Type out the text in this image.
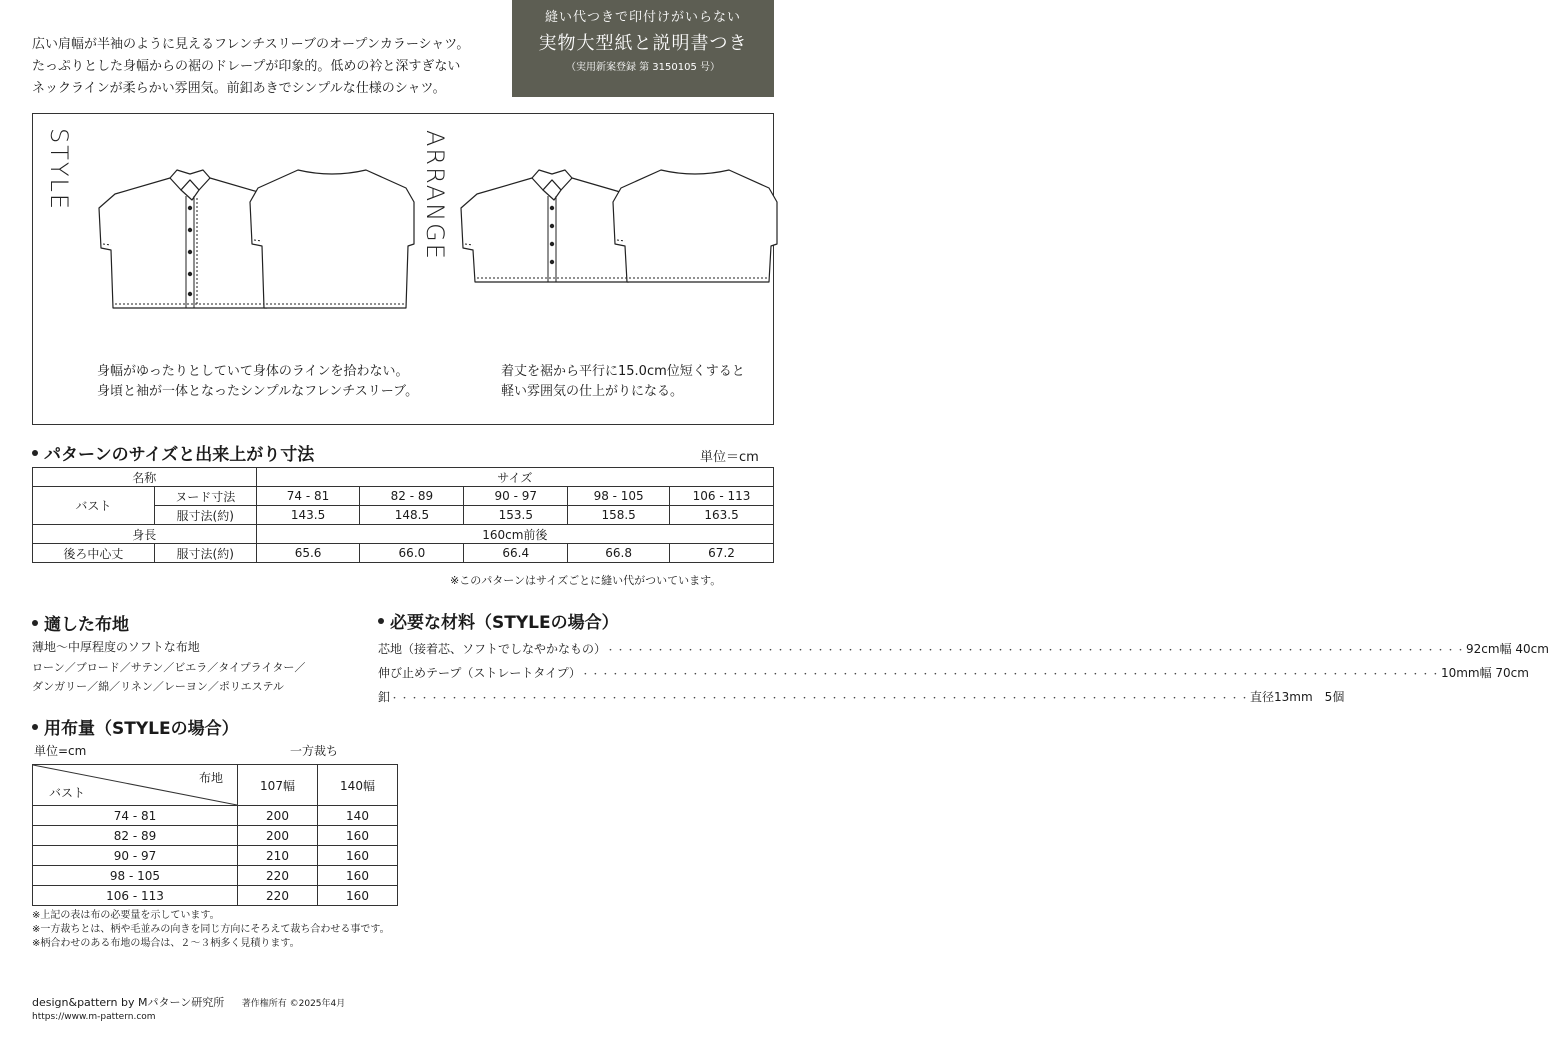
広い肩幅が半袖のように見えるフレンチスリーブのオープンカラーシャツ。
たっぷりとした身幅からの裾のドレープが印象的。低めの衿と深すぎない
ネックラインが柔らかい雰囲気。前釦あきでシンプルな仕様のシャツ。
縫い代つきで印付けがいらない
実物大型紙と説明書つき
（実用新案登録 第 3150105 号）
STYLE	ARRANGE
身幅がゆったりとしていて身体のラインを拾わない。
身頃と袖が一体となったシンプルなフレンチスリーブ。
着丈を裾から平行に15.0cm位短くすると
軽い雰囲気の仕上がりになる。
パターンのサイズと出来上がり寸法	単位＝cm
名称		サイズ				
バスト	ヌード寸法	74 - 81	82 - 89	90 - 97	98 - 105	106 - 113
	服寸法(約)	143.5	148.5	153.5	158.5	163.5
身長		160cm前後				
後ろ中心丈	服寸法(約)	65.6	66.0	66.4	66.8	67.2
※このパターンはサイズごとに縫い代がついています。
適した布地
薄地〜中厚程度のソフトな布地
ローン／ブロード／サテン／ビエラ／タイプライター／
ダンガリー／綿／リネン／レーヨン／ポリエステル
必要な材料（STYLEの場合）
芯地（接着芯、ソフトでしなやかなもの） ・・・・・・・・・・・・・・・・・・・・・・・・・・・・・・・・・・・・・・・・・・・・・・・・・・・・・・・・・・・・・・・・・・・・・・・・・・・・・・・・・・・・・・ 92cm幅 40cm
伸び止めテープ（ストレートタイプ） ・・・・・・・・・・・・・・・・・・・・・・・・・・・・・・・・・・・・・・・・・・・・・・・・・・・・・・・・・・・・・・・・・・・・・・・・・・・・・・・・・・・・・・ 10mm幅 70cm
釦 ・・・・・・・・・・・・・・・・・・・・・・・・・・・・・・・・・・・・・・・・・・・・・・・・・・・・・・・・・・・・・・・・・・・・・・・・・・・・・・・・・・・・・・ 直径13mm　5個
用布量（STYLEの場合）
単位=cm	一方裁ち
布地
バスト	107幅	140幅
74 - 81	200	140
82 - 89	200	160
90 - 97	210	160
98 - 105	220	160
106 - 113	220	160
※上記の表は布の必要量を示しています。
※一方裁ちとは、柄や毛並みの向きを同じ方向にそろえて裁ち合わせる事です。
※柄合わせのある布地の場合は、２〜３柄多く見積ります。
design&pattern by Mパターン研究所 著作権所有 ©2025年4月
https://www.m-pattern.com
